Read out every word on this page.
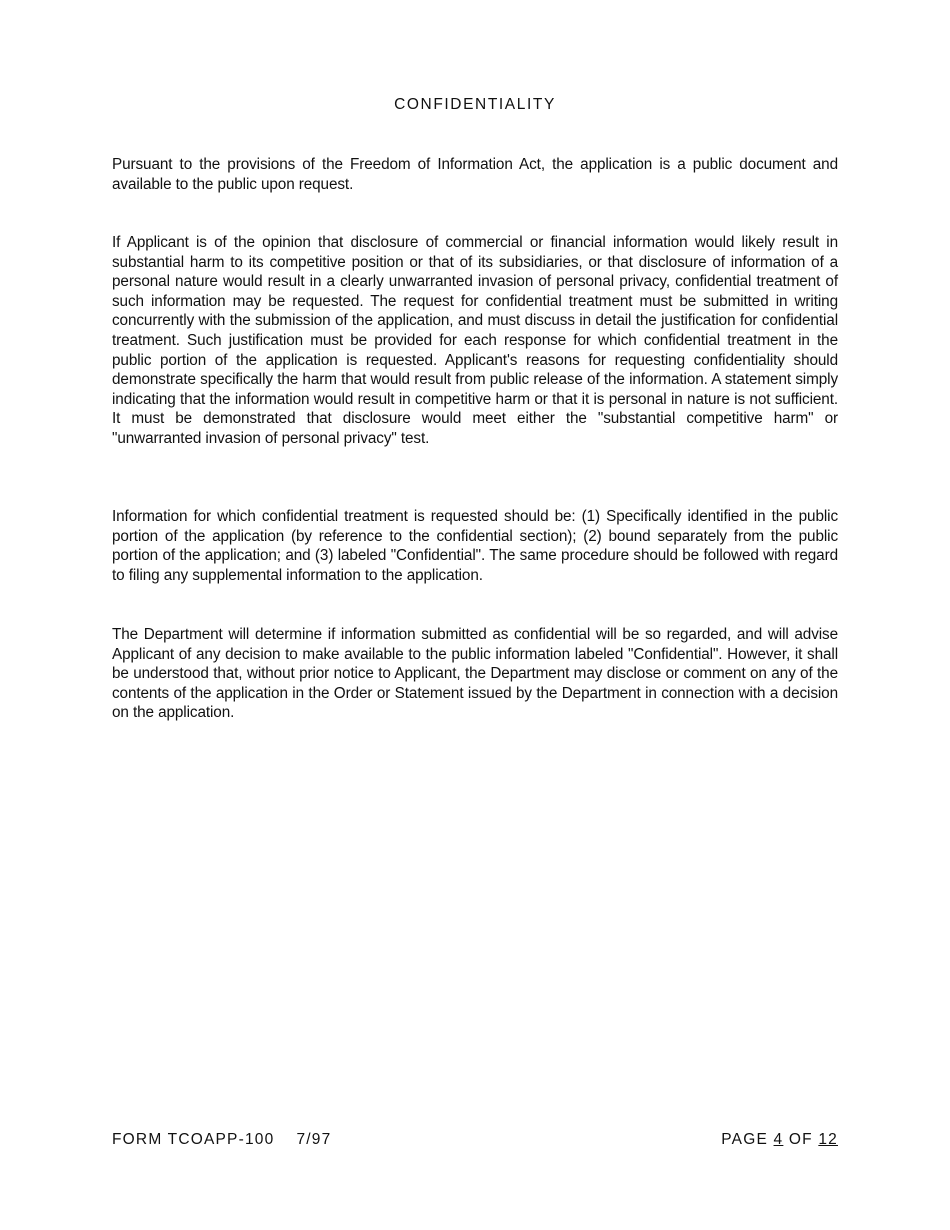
CONFIDENTIALITY

Pursuant to the provisions of the Freedom of Information Act, the application is a public document and available to the public upon request.

If Applicant is of the opinion that disclosure of commercial or financial information would likely result in substantial harm to its competitive position or that of its subsidiaries, or that disclosure of information of a personal nature would result in a clearly unwarranted invasion of personal privacy, confidential treatment of such information may be requested. The request for confidential treatment must be submitted in writing concurrently with the submission of the application, and must discuss in detail the justification for confidential treatment. Such justification must be provided for each response for which confidential treatment in the public portion of the application is requested. Applicant's reasons for requesting confidentiality should demonstrate specifically the harm that would result from public release of the information. A statement simply indicating that the information would result in competitive harm or that it is personal in nature is not sufficient. It must be demonstrated that disclosure would meet either the "substantial competitive harm" or "unwarranted invasion of personal privacy" test.

Information for which confidential treatment is requested should be: (1) Specifically identified in the public portion of the application (by reference to the confidential section); (2) bound separately from the public portion of the application; and (3) labeled "Confidential". The same procedure should be followed with regard to filing any supplemental information to the application.

The Department will determine if information submitted as confidential will be so regarded, and will advise Applicant of any decision to make available to the public information labeled "Confidential". However, it shall be understood that, without prior notice to Applicant, the Department may disclose or comment on any of the contents of the application in the Order or Statement issued by the Department in connection with a decision on the application.

FORM TCOAPP-100 7/97	PAGE 4 OF 12
